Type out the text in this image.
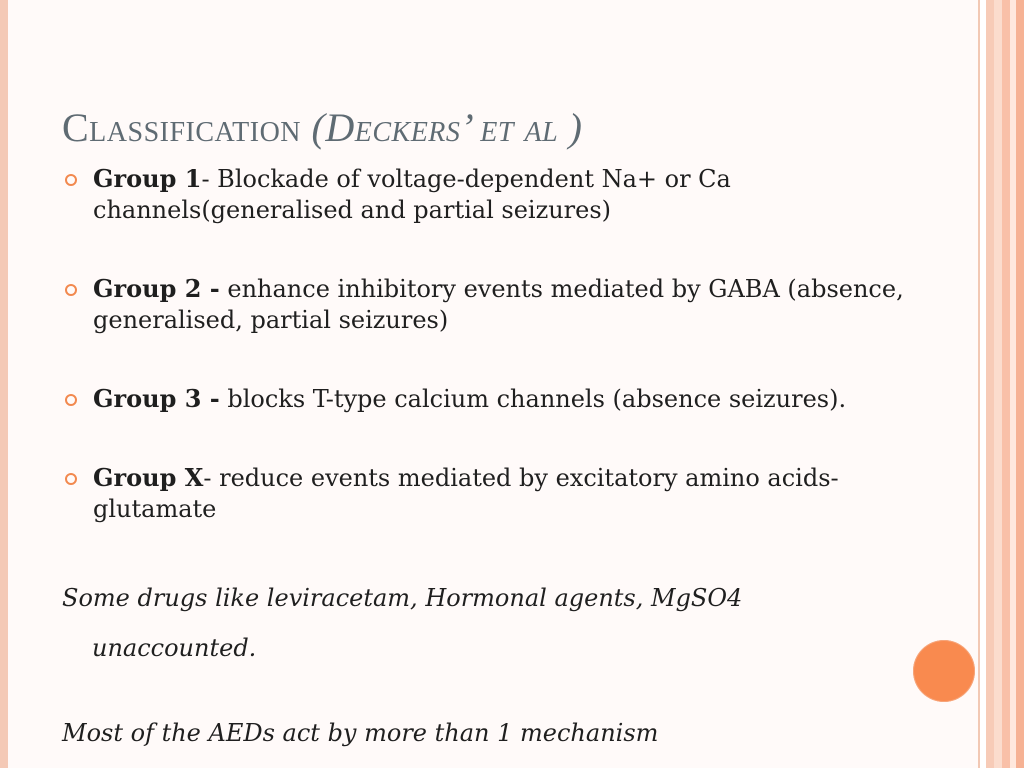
Classification (Deckers’ et al )
Group 1- Blockade of voltage-dependent Na+ or Ca channels(generalised and partial seizures)
Group 2 - enhance inhibitory events mediated by GABA (absence, generalised, partial seizures)
Group 3 - blocks T-type calcium channels (absence seizures).
Group X- reduce events mediated by excitatory amino acids- glutamate
Some drugs like leviracetam, Hormonal agents, MgSO4
unaccounted.
Most of the AEDs act by more than 1 mechanism
